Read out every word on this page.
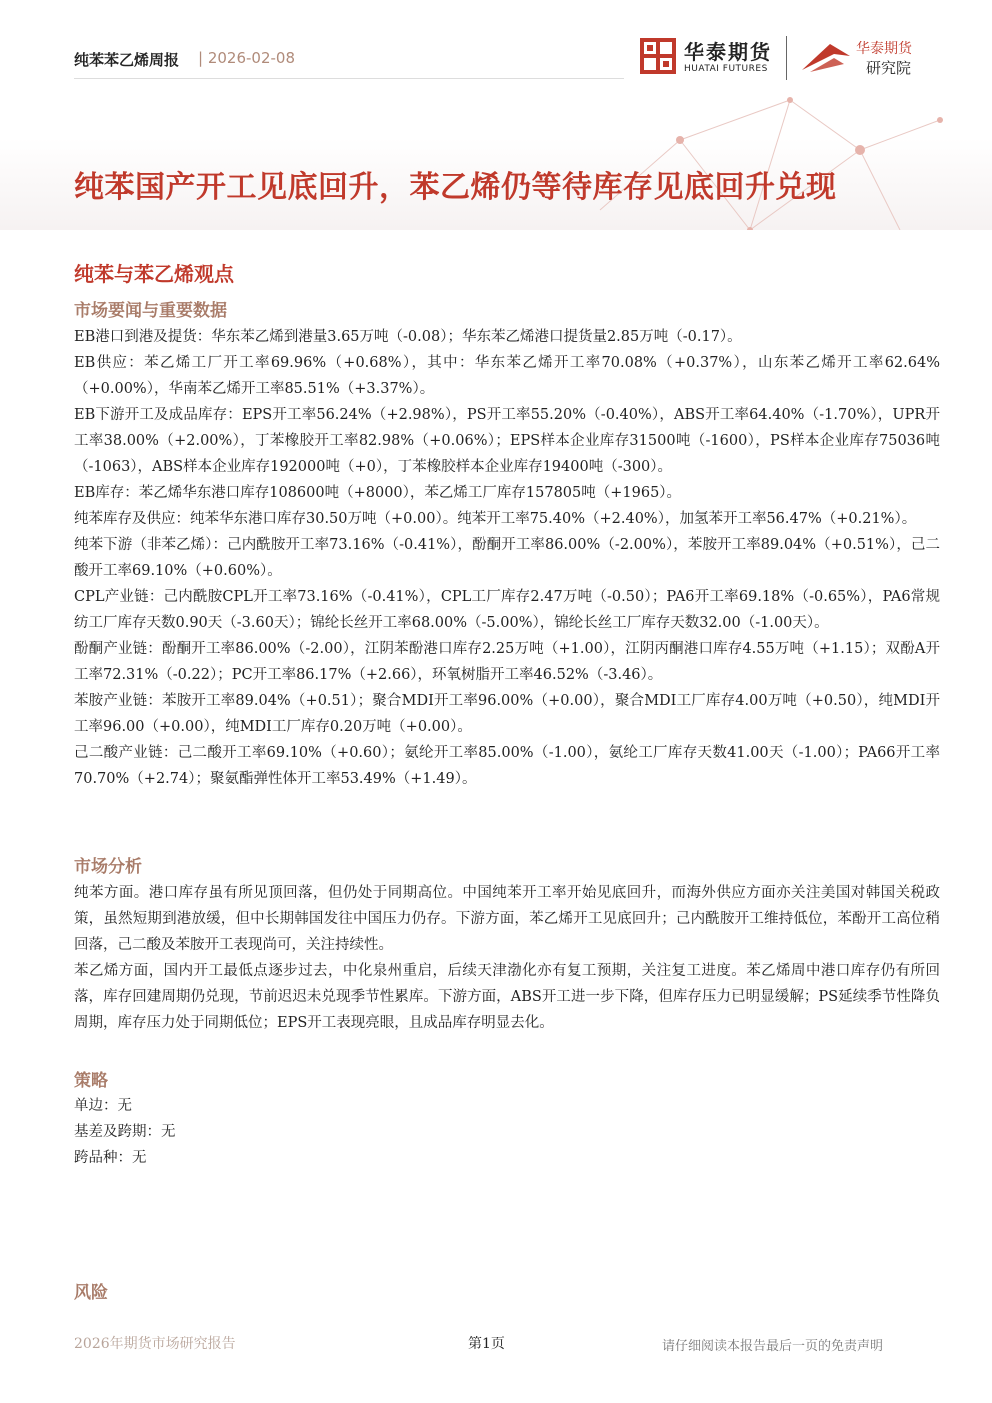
纯苯苯乙烯周报 | 2026-02-08	华泰期货
HUATAI FUTURES
华泰期货
研究院
纯苯国产开工见底回升，苯乙烯仍等待库存见底回升兑现
纯苯与苯乙烯观点
市场要闻与重要数据

EB港口到港及提货：华东苯乙烯到港量3.65万吨（-0.08）；华东苯乙烯港口提货量2.85万吨（-0.17）。

EB供应：苯乙烯工厂开工率69.96%（+0.68%），其中：华东苯乙烯开工率70.08%（+0.37%），山东苯乙烯开工率62.64%（+0.00%），华南苯乙烯开工率85.51%（+3.37%）。

EB下游开工及成品库存：EPS开工率56.24%（+2.98%），PS开工率55.20%（-0.40%），ABS开工率64.40%（-1.70%），UPR开工率38.00%（+2.00%），丁苯橡胶开工率82.98%（+0.06%）；EPS样本企业库存31500吨（-1600），PS样本企业库存75036吨（-1063），ABS样本企业库存192000吨（+0），丁苯橡胶样本企业库存19400吨（-300）。

EB库存：苯乙烯华东港口库存108600吨（+8000），苯乙烯工厂库存157805吨（+1965）。

纯苯库存及供应：纯苯华东港口库存30.50万吨（+0.00）。纯苯开工率75.40%（+2.40%），加氢苯开工率56.47%（+0.21%）。

纯苯下游（非苯乙烯）：己内酰胺开工率73.16%（-0.41%），酚酮开工率86.00%（-2.00%），苯胺开工率89.04%（+0.51%），己二酸开工率69.10%（+0.60%）。

CPL产业链：己内酰胺CPL开工率73.16%（-0.41%），CPL工厂库存2.47万吨（-0.50）；PA6开工率69.18%（-0.65%），PA6常规纺工厂库存天数0.90天（-3.60天）；锦纶长丝开工率68.00%（-5.00%），锦纶长丝工厂库存天数32.00（-1.00天）。

酚酮产业链：酚酮开工率86.00%（-2.00），江阴苯酚港口库存2.25万吨（+1.00），江阴丙酮港口库存4.55万吨（+1.15）；双酚A开工率72.31%（-0.22）；PC开工率86.17%（+2.66），环氧树脂开工率46.52%（-3.46）。

苯胺产业链：苯胺开工率89.04%（+0.51）；聚合MDI开工率96.00%（+0.00），聚合MDI工厂库存4.00万吨（+0.50），纯MDI开工率96.00（+0.00），纯MDI工厂库存0.20万吨（+0.00）。

己二酸产业链：己二酸开工率69.10%（+0.60）；氨纶开工率85.00%（-1.00），氨纶工厂库存天数41.00天（-1.00）；PA66开工率70.70%（+2.74）；聚氨酯弹性体开工率53.49%（+1.49）。

市场分析

纯苯方面。港口库存虽有所见顶回落，但仍处于同期高位。中国纯苯开工率开始见底回升，而海外供应方面亦关注美国对韩国关税政策，虽然短期到港放缓，但中长期韩国发往中国压力仍存。下游方面，苯乙烯开工见底回升；己内酰胺开工维持低位，苯酚开工高位稍回落，己二酸及苯胺开工表现尚可，关注持续性。

苯乙烯方面，国内开工最低点逐步过去，中化泉州重启，后续天津渤化亦有复工预期，关注复工进度。苯乙烯周中港口库存仍有所回落，库存回建周期仍兑现，节前迟迟未兑现季节性累库。下游方面，ABS开工进一步下降，但库存压力已明显缓解；PS延续季节性降负周期，库存压力处于同期低位；EPS开工表现亮眼，且成品库存明显去化。

策略

单边：无

基差及跨期：无

跨品种：无

风险
2026年期货市场研究报告	第1页	请仔细阅读本报告最后一页的免责声明
